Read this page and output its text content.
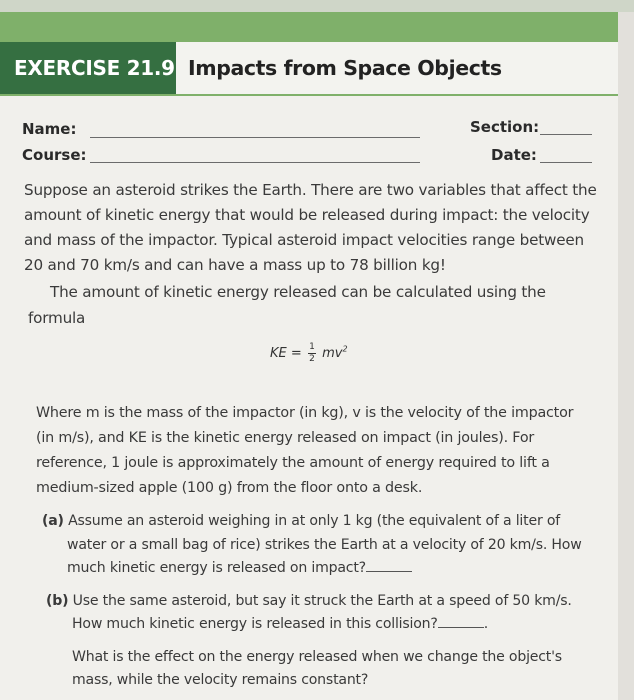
EXERCISE 21.9 Impacts from Space Objects
Name:
Course:
Section:
Date:
Suppose an asteroid strikes the Earth. There are two variables that affect the
amount of kinetic energy that would be released during impact: the velocity
and mass of the impactor. Typical asteroid impact velocities range between
20 and 70 km/s and can have a mass up to 78 billion kg!
The amount of kinetic energy released can be calculated using the
formula
KE = $\frac{1}{2} mv^2$
Where m is the mass of the impactor (in kg), v is the velocity of the impactor
(in m/s), and KE is the kinetic energy released on impact (in joules). For
reference, 1 joule is approximately the amount of energy required to lift a
medium-sized apple (100 g) from the floor onto a desk.
(a) Assume an asteroid weighing in at only 1 kg (the equivalent of a liter of
water or a small bag of rice) strikes the Earth at a velocity of 20 km/s. How
much kinetic energy is released on impact?
(b) Use the same asteroid, but say it struck the Earth at a speed of 50 km/s.
How much kinetic energy is released in this collision?	.
What is the effect on the energy released when we change the object's
mass, while the velocity remains constant?
